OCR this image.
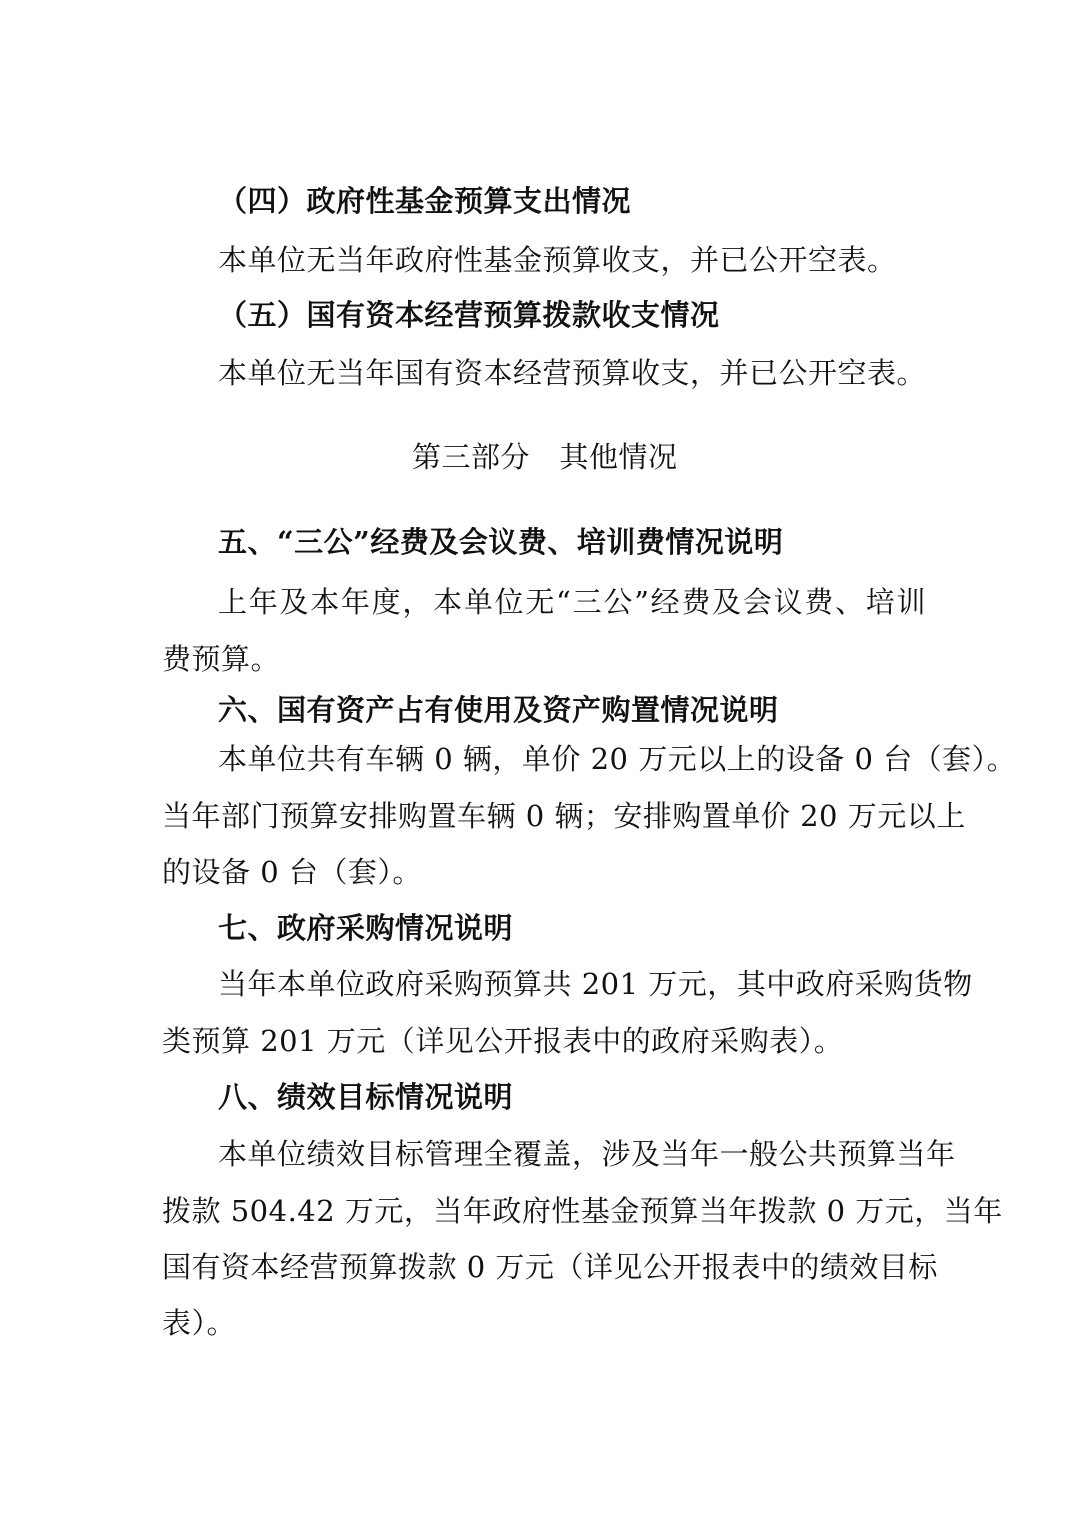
（四）政府性基金预算支出情况
本单位无当年政府性基金预算收支，并已公开空表。
（五）国有资本经营预算拨款收支情况
本单位无当年国有资本经营预算收支，并已公开空表。
第三部分　其他情况
五、“三公”经费及会议费、培训费情况说明
上年及本年度，本单位无“三公”经费及会议费、培训
费预算。
六、国有资产占有使用及资产购置情况说明
本单位共有车辆 0 辆，单价 20 万元以上的设备 0 台（套）。
当年部门预算安排购置车辆 0 辆；安排购置单价 20 万元以上
的设备 0 台（套）。
七、政府采购情况说明
当年本单位政府采购预算共 201 万元，其中政府采购货物
类预算 201 万元（详见公开报表中的政府采购表）。
八、绩效目标情况说明
本单位绩效目标管理全覆盖，涉及当年一般公共预算当年
拨款 504.42 万元，当年政府性基金预算当年拨款 0 万元，当年
国有资本经营预算拨款 0 万元（详见公开报表中的绩效目标
表）。
